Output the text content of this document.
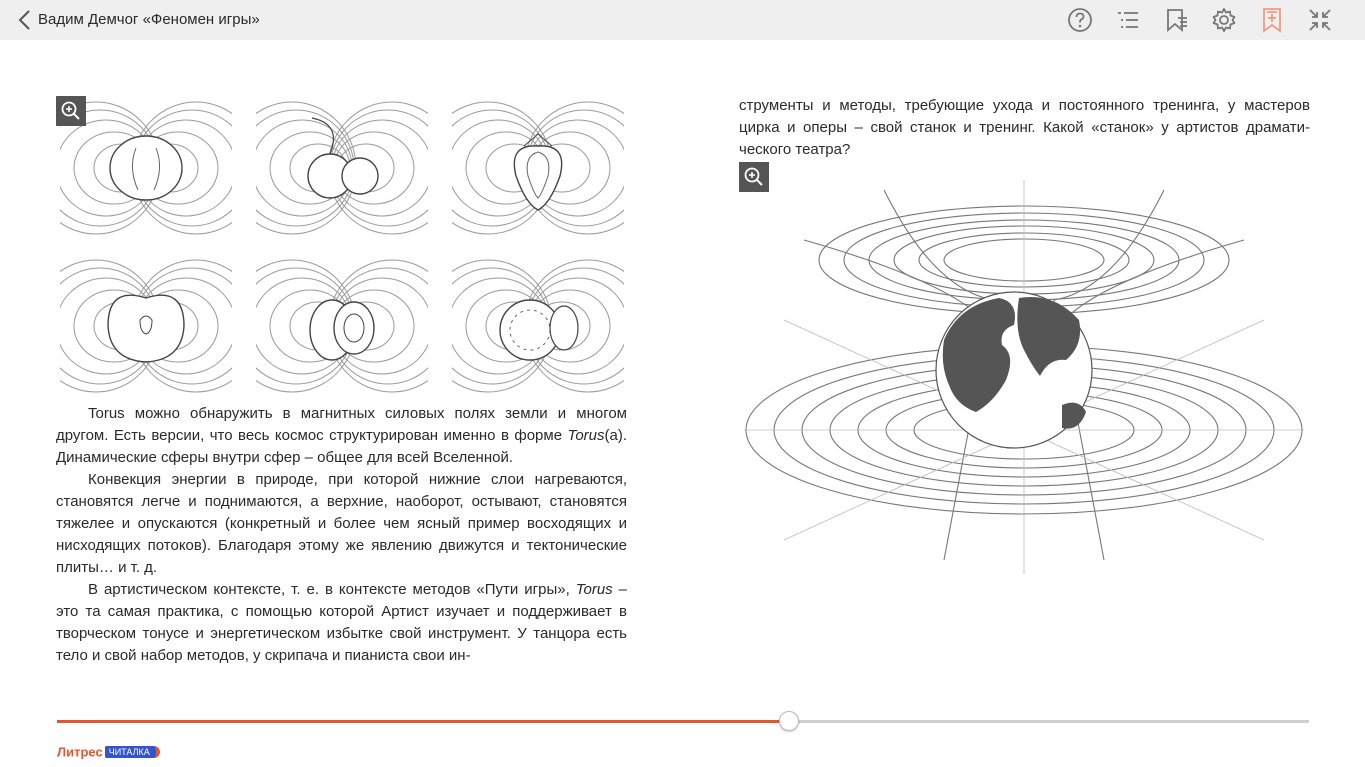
Вадим Демчог «Феномен игры»

Torus можно обнаружить в магнитных силовых полях земли и многом другом. Есть версии, что весь космос структурирован именно в форме Torus(а). Динамические сферы внутри сфер – общее для всей Вселенной.

Конвекция энергии в природе, при которой нижние слои нагреваются, становятся легче и поднимаются, а верхние, наоборот, остывают, становятся тяжелее и опускаются (конкретный и более чем ясный пример восходящих и нисходящих потоков). Благодаря этому же явлению движутся и тектонические плиты… и т. д.

В артистическом контексте, т. е. в контексте методов «Пути игры», Torus – это та самая практика, с помощью которой Артист изучает и поддерживает в творческом тонусе и энергетическом избытке свой инструмент. У танцора есть тело и свой набор методов, у скрипача и пианиста свои ин-

струменты и методы, требующие ухода и постоянного тренинга, у мастеров цирка и оперы – свой станок и тренинг. Какой «станок» у артистов драматического театра?

Литрес ЧИТАЛКА
